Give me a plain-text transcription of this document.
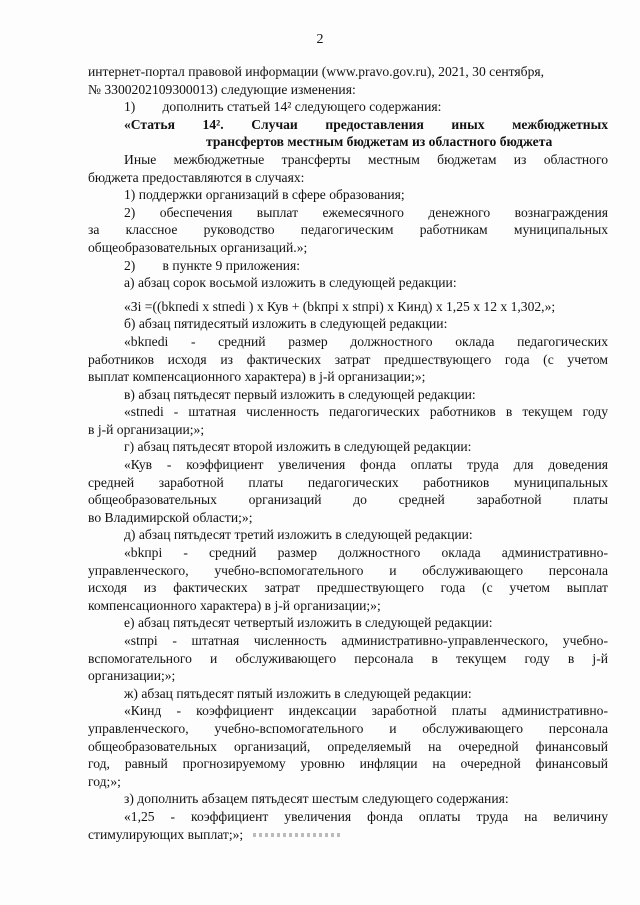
2
интернет-портал правовой информации (www.pravo.gov.ru), 2021, 30 сентября,
№ 3300202109300013) следующие изменения:
1)        дополнить статьей 14² следующего содержания:
«Статья 14². Случаи предоставления иных межбюджетных
трансфертов местным бюджетам из областного бюджета
Иные межбюджетные трансферты местным бюджетам из областного
бюджета предоставляются в случаях:
1) поддержки организаций в сфере образования;
2) обеспечения выплат ежемесячного денежного вознаграждения
за классное руководство педагогическим работникам муниципальных
общеобразовательных организаций.»;
2)        в пункте 9 приложения:
а) абзац сорок восьмой изложить в следующей редакции:
«Зi =((bkпedi x stпedi ) x Кув + (bkпpi x stпpi) x Кинд) x 1,25 x 12 x 1,302,»;
б) абзац пятидесятый изложить в следующей редакции:
«bkпedi - средний размер должностного оклада педагогических
работников исходя из фактических затрат предшествующего года (с учетом
выплат компенсационного характера) в j-й организации;»;
в) абзац пятьдесят первый изложить в следующей редакции:
«stпedi - штатная численность педагогических работников в текущем году
в j-й организации;»;
г) абзац пятьдесят второй изложить в следующей редакции:
«Кув - коэффициент увеличения фонда оплаты труда для доведения
средней заработной платы педагогических работников муниципальных
общеобразовательных организаций до средней заработной платы
во Владимирской области;»;
д) абзац пятьдесят третий изложить в следующей редакции:
«bkпpi - средний размер должностного оклада административно-
управленческого, учебно-вспомогательного и обслуживающего персонала
исходя из фактических затрат предшествующего года (с учетом выплат
компенсационного характера) в j-й организации;»;
е) абзац пятьдесят четвертый изложить в следующей редакции:
«stпpi - штатная численность административно-управленческого, учебно-
вспомогательного и обслуживающего персонала в текущем году в j-й
организации;»;
ж) абзац пятьдесят пятый изложить в следующей редакции:
«Кинд - коэффициент индексации заработной платы административно-
управленческого, учебно-вспомогательного и обслуживающего персонала
общеобразовательных организаций, определяемый на очередной финансовый
год, равный прогнозируемому уровню инфляции на очередной финансовый
год;»;
з) дополнить абзацем пятьдесят шестым следующего содержания:
«1,25 - коэффициент увеличения фонда оплаты труда на величину
стимулирующих выплат;»;
